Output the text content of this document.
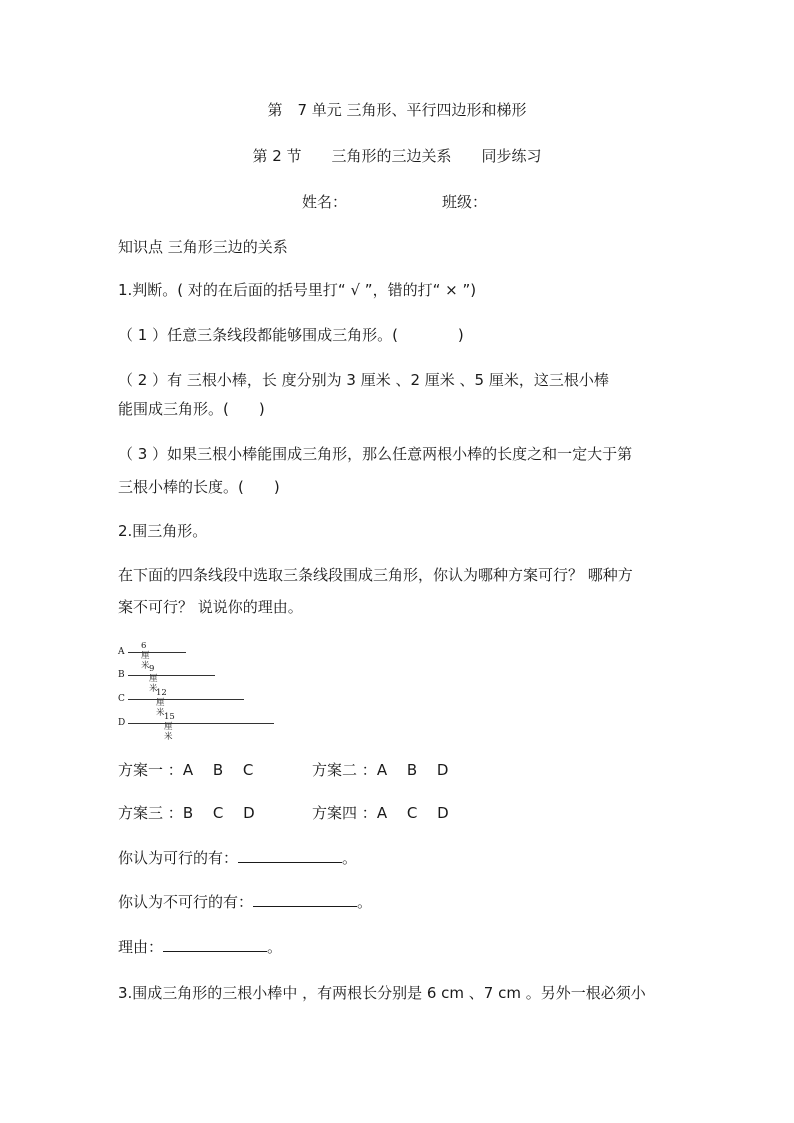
第　7 单元 三角形、平行四边形和梯形
第 2 节　　三角形的三边关系　　同步练习
姓名：	班级：
知识点 三角形三边的关系
1.判断。( 对的在后面的括号里打“ √ ”，错的打“ × ”)
（ 1 ）任意三条线段都能够围成三角形。(　　　　)
（ 2 ）有 三根小棒，长 度分别为 3 厘米 、2 厘米 、5 厘米，这三根小棒
能围成三角形。(　　)
（ 3 ）如果三根小棒能围成三角形，那么任意两根小棒的长度之和一定大于第
三根小棒的长度。(　　)
2.围三角形。
在下面的四条线段中选取三条线段围成三角形，你认为哪种方案可行？ 哪种方
案不可行？ 说说你的理由。
A
6 厘米
B
9 厘米
C
12 厘米
D
15 厘米
方案一 ：A　 B　 C	方案二 ：A　 B　 D
方案三 ：B　 C　 D	方案四 ：A　 C　 D
你认为可行的有：	。
你认为不可行的有：	。
理由：	。
3.围成三角形的三根小棒中 ，有两根长分别是 6 cm 、7 cm 。另外一根必须小
